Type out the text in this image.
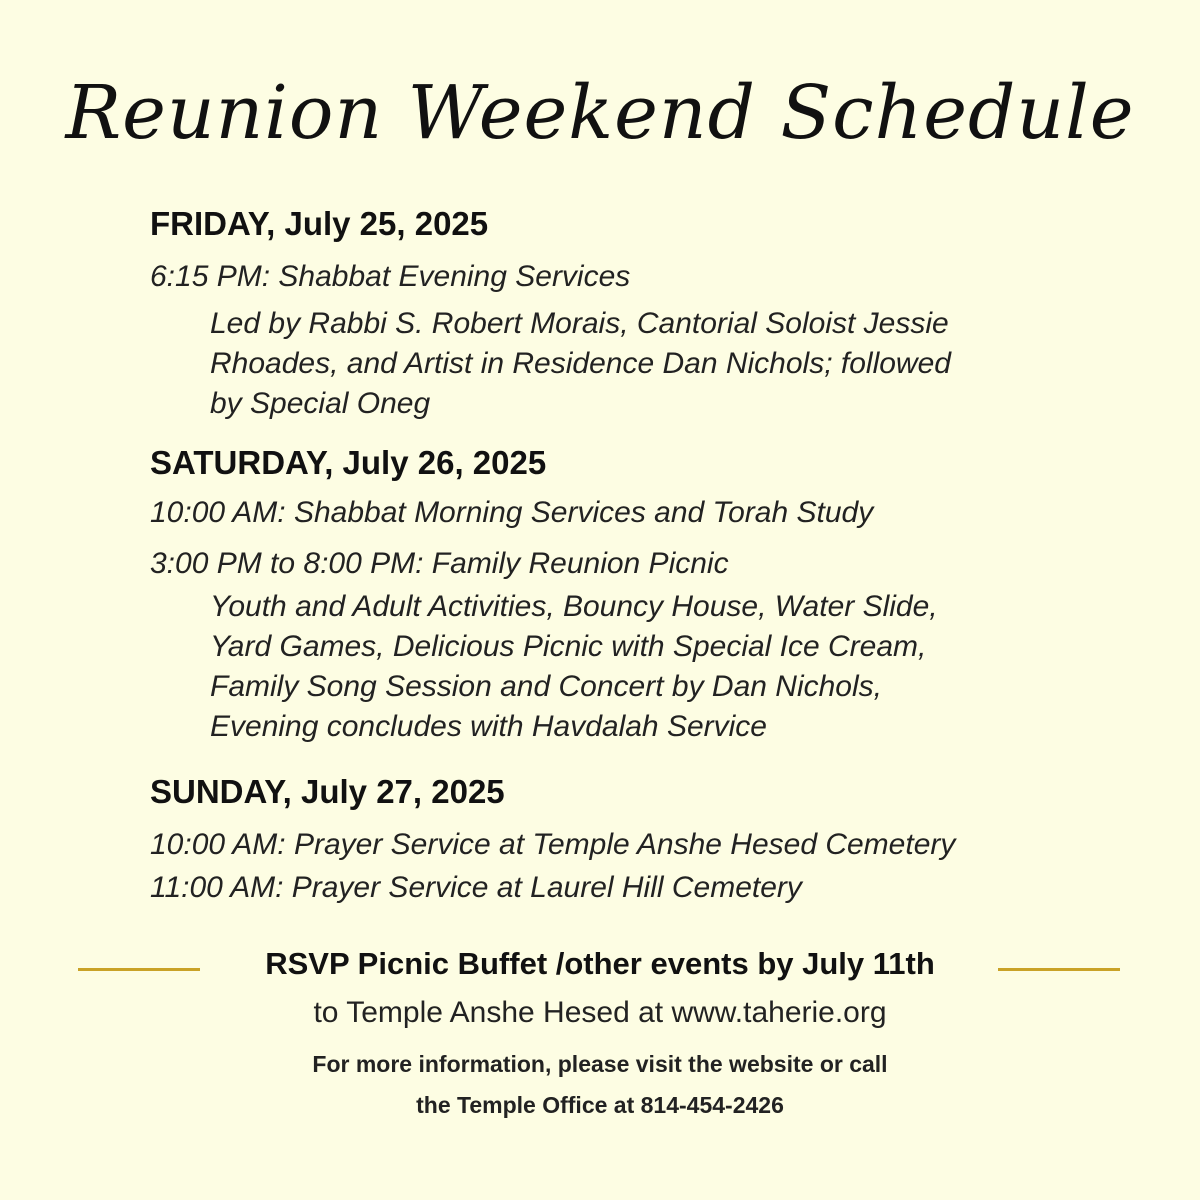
Reunion Weekend Schedule
FRIDAY, July 25, 2025
6:15 PM: Shabbat Evening Services
Led by Rabbi S. Robert Morais, Cantorial Soloist Jessie
Rhoades, and Artist in Residence Dan Nichols; followed
by Special Oneg
SATURDAY, July 26, 2025
10:00 AM: Shabbat Morning Services and Torah Study
3:00 PM to 8:00 PM: Family Reunion Picnic
Youth and Adult Activities, Bouncy House, Water Slide,
Yard Games, Delicious Picnic with Special Ice Cream,
Family Song Session and Concert by Dan Nichols,
Evening concludes with Havdalah Service
SUNDAY, July 27, 2025
10:00 AM: Prayer Service at Temple Anshe Hesed Cemetery
11:00 AM: Prayer Service at Laurel Hill Cemetery
RSVP Picnic Buffet /other events by July 11th
to Temple Anshe Hesed at www.taherie.org
For more information, please visit the website or call
the Temple Office at 814-454-2426
